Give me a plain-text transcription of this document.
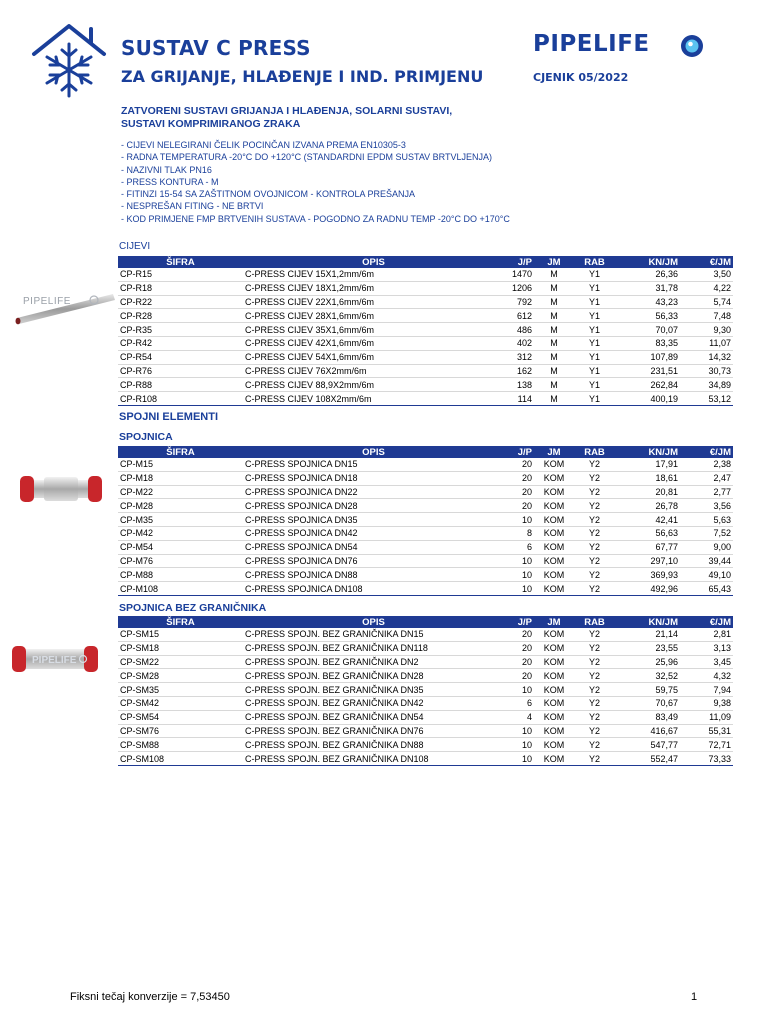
SUSTAV C PRESS
ZA GRIJANJE, HLAĐENJE I IND. PRIMJENU
PIPELIFE
CJENIK 05/2022
ZATVORENI SUSTAVI GRIJANJA I HLAĐENJA, SOLARNI SUSTAVI,
SUSTAVI KOMPRIMIRANOG ZRAKA
- CIJEVI NELEGIRANI ČELIK POCINČAN IZVANA PREMA EN10305-3
- RADNA TEMPERATURA -20°C DO +120°C (STANDARDNI EPDM SUSTAV BRTVLJENJA)
- NAZIVNI TLAK PN16
- PRESS KONTURA - M
- FITINZI 15-54 SA ZAŠTITNOM OVOJNICOM - KONTROLA PREŠANJA
- NESPREŠAN FITING - NE BRTVI
- KOD PRIMJENE FMP BRTVENIH SUSTAVA - POGODNO ZA RADNU TEMP -20°C DO +170°C
CIJEVI
ŠIFRA	OPIS	J/P	JM	RAB	KN/JM	€/JM
CP-R15	C-PRESS CIJEV 15X1,2mm/6m	1470	M	Y1	26,36	3,50
CP-R18	C-PRESS CIJEV 18X1,2mm/6m	1206	M	Y1	31,78	4,22
CP-R22	C-PRESS CIJEV 22X1,6mm/6m	792	M	Y1	43,23	5,74
CP-R28	C-PRESS CIJEV 28X1,6mm/6m	612	M	Y1	56,33	7,48
CP-R35	C-PRESS CIJEV 35X1,6mm/6m	486	M	Y1	70,07	9,30
CP-R42	C-PRESS CIJEV 42X1,6mm/6m	402	M	Y1	83,35	11,07
CP-R54	C-PRESS CIJEV 54X1,6mm/6m	312	M	Y1	107,89	14,32
CP-R76	C-PRESS CIJEV 76X2mm/6m	162	M	Y1	231,51	30,73
CP-R88	C-PRESS CIJEV 88,9X2mm/6m	138	M	Y1	262,84	34,89
CP-R108	C-PRESS CIJEV 108X2mm/6m	114	M	Y1	400,19	53,12
PIPELIFE
SPOJNI ELEMENTI
SPOJNICA
ŠIFRA	OPIS	J/P	JM	RAB	KN/JM	€/JM
CP-M15	C-PRESS SPOJNICA DN15	20	KOM	Y2	17,91	2,38
CP-M18	C-PRESS SPOJNICA DN18	20	KOM	Y2	18,61	2,47
CP-M22	C-PRESS SPOJNICA DN22	20	KOM	Y2	20,81	2,77
CP-M28	C-PRESS SPOJNICA DN28	20	KOM	Y2	26,78	3,56
CP-M35	C-PRESS SPOJNICA DN35	10	KOM	Y2	42,41	5,63
CP-M42	C-PRESS SPOJNICA DN42	8	KOM	Y2	56,63	7,52
CP-M54	C-PRESS SPOJNICA DN54	6	KOM	Y2	67,77	9,00
CP-M76	C-PRESS SPOJNICA DN76	10	KOM	Y2	297,10	39,44
CP-M88	C-PRESS SPOJNICA DN88	10	KOM	Y2	369,93	49,10
CP-M108	C-PRESS SPOJNICA DN108	10	KOM	Y2	492,96	65,43
SPOJNICA BEZ GRANIČNIKA
ŠIFRA	OPIS	J/P	JM	RAB	KN/JM	€/JM
CP-SM15	C-PRESS SPOJN. BEZ GRANIČNIKA DN15	20	KOM	Y2	21,14	2,81
CP-SM18	C-PRESS SPOJN. BEZ GRANIČNIKA DN118	20	KOM	Y2	23,55	3,13
CP-SM22	C-PRESS SPOJN. BEZ GRANIČNIKA DN2	20	KOM	Y2	25,96	3,45
CP-SM28	C-PRESS SPOJN. BEZ GRANIČNIKA DN28	20	KOM	Y2	32,52	4,32
CP-SM35	C-PRESS SPOJN. BEZ GRANIČNIKA DN35	10	KOM	Y2	59,75	7,94
CP-SM42	C-PRESS SPOJN. BEZ GRANIČNIKA DN42	6	KOM	Y2	70,67	9,38
CP-SM54	C-PRESS SPOJN. BEZ GRANIČNIKA DN54	4	KOM	Y2	83,49	11,09
CP-SM76	C-PRESS SPOJN. BEZ GRANIČNIKA DN76	10	KOM	Y2	416,67	55,31
CP-SM88	C-PRESS SPOJN. BEZ GRANIČNIKA DN88	10	KOM	Y2	547,77	72,71
CP-SM108	C-PRESS SPOJN. BEZ GRANIČNIKA DN108	10	KOM	Y2	552,47	73,33
PIPELIFE
Fiksni tečaj konverzije = 7,53450	1
